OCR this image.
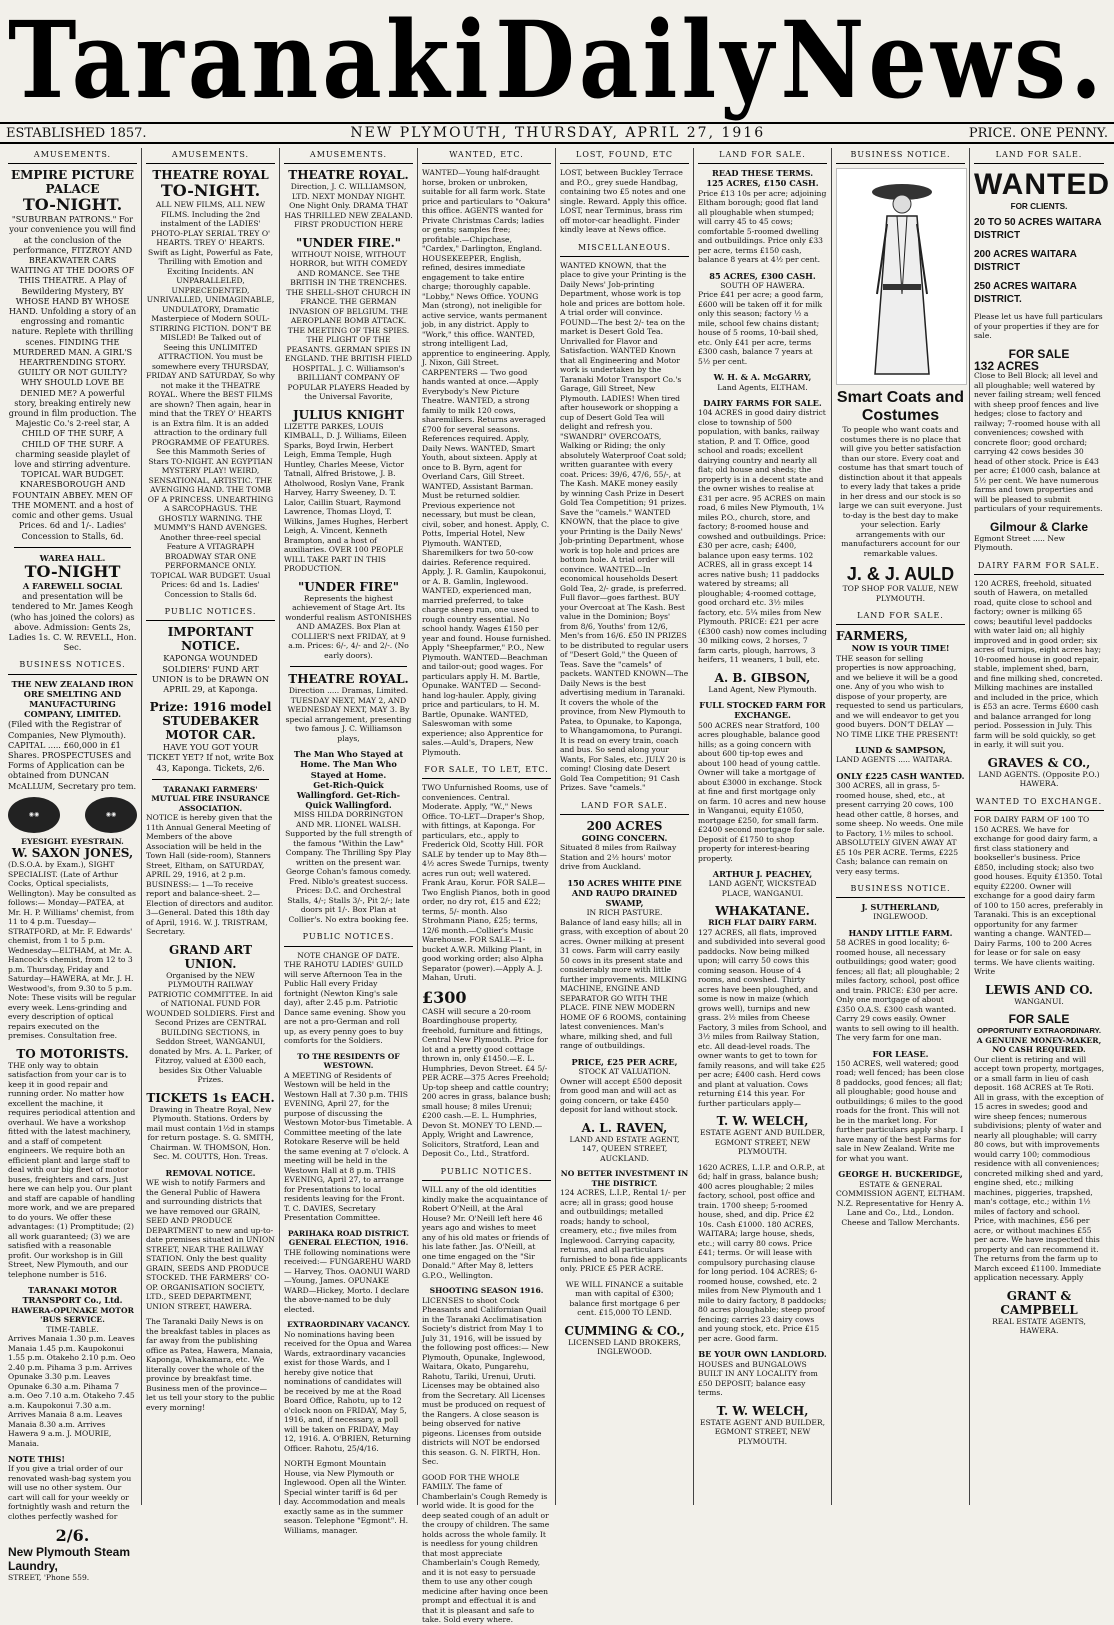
Taranaki Daily News.
ESTABLISHED 1857.	NEW PLYMOUTH, THURSDAY, APRIL 27, 1916	PRICE. ONE PENNY.
AMUSEMENTS.
EMPIRE PICTURE PALACE
TO-NIGHT.
"SUBURBAN PATRONS." For your convenience you will find at the conclusion of the performance, FITZROY AND BREAKWATER CARS WAITING AT THE DOORS OF THIS THEATRE. A Play of Bewildering Mystery, BY WHOSE HAND BY WHOSE HAND. Unfolding a story of an engrossing and romantic nature. Replete with thrilling scenes. FINDING THE MURDERED MAN. A GIRL'S HEARTRENDING STORY. GUILTY OR NOT GUILTY? WHY SHOULD LOVE BE DENIED ME? A powerful story, breaking entirely new ground in film production. The Majestic Co.'s 2-reel star, A CHILD OF THE SURF, A CHILD OF THE SURF. A charming seaside playlet of love and stirring adventure. TOPICAL WAR BUDGET. KNARESBOROUGH AND FOUNTAIN ABBEY. MEN OF THE MOMENT. and a host of comic and other gems. Usual Prices. 6d and 1/-. Ladies' Concession to Stalls, 6d.
WAREA HALL.
TO-NIGHT
A FAREWELL SOCIAL
and presentation will be tendered to Mr. James Keogh (who has joined the colors) as above. Admission: Gents 2s, Ladies 1s. C. W. REVELL, Hon. Sec.
BUSINESS NOTICES.
THE NEW ZEALAND IRON ORE SMELTING AND MANUFACTURING COMPANY, LIMITED.
(Filed with the Registrar of Companies, New Plymouth). CAPITAL ..... £60,000 in £1 Shares. PROSPECTUSES and Forms of Application can be obtained from DUNCAN McALLUM, Secretary pro tem.
◉◉	◉◉
EYESIGHT. EYESTRAIN.
W. SAXON JONES,
(D.S.O.A. by Exam.), SIGHT SPECIALIST. (Late of Arthur Cocks, Optical specialists, Wellington). May be consulted as follows:— Monday—PATEA, at Mr. H. P. Williams' chemist, from 11 to 4 p.m. Tuesday—STRATFORD, at Mr. F. Edwards' chemist, from 1 to 5 p.m. Wednesday—ELTHAM, at Mr. A. Hancock's chemist, from 12 to 3 p.m. Thursday, Friday and Saturday—HAWERA, at Mr. J. H. Westwood's, from 9.30 to 5 p.m. Note: These visits will be regular every week. Lens-grinding and every description of optical repairs executed on the premises. Consultation free.
TO MOTORISTS.
THE only way to obtain satisfaction from your car is to keep it in good repair and running order. No matter how excellent the machine, it requires periodical attention and overhaul. We have a workshop fitted with the latest machinery, and a staff of competent engineers. We require both an efficient plant and large staff to deal with our big fleet of motor buses, freighters and cars. Just here we can help you. Our plant and staff are capable of handling more work, and we are prepared to do yours. We offer these advantages: (1) Promptitude; (2) all work guaranteed; (3) we are satisfied with a reasonable profit. Our workshop is in Gill Street, New Plymouth, and our telephone number is 516.
TARANAKI MOTOR TRANSPORT Co., Ltd.
HAWERA-OPUNAKE MOTOR 'BUS SERVICE.
TIME-TABLE.
Arrives Manaia 1.30 p.m. Leaves Manaia 1.45 p.m. Kaupokonui 1.55 p.m. Otakeho 2.10 p.m. Oeo 2.40 p.m. Pihama 3 p.m. Arrives Opunake 3.30 p.m. Leaves Opunake 6.30 a.m. Pihama 7 a.m. Oeo 7.10 a.m. Otakeho 7.45 a.m. Kaupokonui 7.30 a.m. Arrives Manaia 8 a.m. Leaves Manaia 8.30 a.m. Arrives Hawera 9 a.m. J. MOURIE, Manaia.
NOTE THIS!
If you give a trial order of our renovated wash-bag system you will use no other system. Our cart will call for your weekly or fortnightly wash and return the clothes perfectly washed for
2/6.
New Plymouth Steam Laundry,
STREET, 'Phone 559.
AMUSEMENTS.
THEATRE ROYAL
TO-NIGHT.
ALL NEW FILMS, ALL NEW FILMS. Including the 2nd instalment of the LADIES' PHOTO-PLAY SERIAL TREY O' HEARTS. TREY O' HEARTS. Swift as Light, Powerful as Fate, Thrilling with Emotion and Exciting Incidents. AN UNPARALLELED, UNPRECEDENTED, UNRIVALLED, UNIMAGINABLE, UNDULATORY, Dramatic Masterpiece of Modern SOUL-STIRRING FICTION. DON'T BE MISLED! Be Talked out of Seeing this UNLIMITED ATTRACTION. You must be somewhere every THURSDAY, FRIDAY AND SATURDAY, So why not make it the THEATRE ROYAL. Where the BEST FILMS are shown? Then again, hear in mind that the TREY O' HEARTS is an Extra film. It is an added attraction to the ordinary full PROGRAMME OF FEATURES. See this Mammoth Series of Stars TO-NIGHT. AN EGYPTIAN MYSTERY PLAY! WEIRD, SENSATIONAL, ARTISTIC. THE AVENGING HAND. THE TOMB OF A PRINCESS. UNEARTHING A SARCOPHAGUS. THE GHOSTLY WARNING. THE MUMMY'S HAND AVENGES. Another three-reel special Feature A VITAGRAPH BROADWAY STAR ONE PERFORMANCE ONLY. TOPICAL WAR BUDGET. Usual Prices: 6d and 1s. Ladies' Concession to Stalls 6d.
PUBLIC NOTICES.
IMPORTANT NOTICE.
KAPONGA WOUNDED SOLDIERS' FUND ART UNION is to be DRAWN ON APRIL 29, at Kaponga.
Prize: 1916 model STUDEBAKER MOTOR CAR.
HAVE YOU GOT YOUR TICKET YET? If not, write Box 43, Kaponga. Tickets, 2/6.
TARANAKI FARMERS' MUTUAL FIRE INSURANCE ASSOCIATION.
NOTICE is hereby given that the 11th Annual General Meeting of Members of the above Association will be held in the Town Hall (side-room), Stanners Street, Eltham, on SATURDAY, APRIL 29, 1916, at 2 p.m. BUSINESS:— 1—To receive report and balance-sheet. 2—Election of directors and auditor. 3—General. Dated this 18th day of April, 1916. W. J. TRISTRAM, Secretary.
GRAND ART UNION.
Organised by the NEW PLYMOUTH RAILWAY PATRIOTIC COMMITTEE. In aid of NATIONAL FUND FOR WOUNDED SOLDIERS. First and Second Prizes are CENTRAL BUILDING SECTIONS, in Seddon Street, WANGANUI, donated by Mrs. A. L. Parker, of Fitzroy, valued at £300 each, besides Six Other Valuable Prizes.
TICKETS 1s EACH.
Drawing in Theatre Royal, New Plymouth. Stations. Orders by mail must contain 1½d in stamps for return postage. S. G. SMITH, Chairman. W. THOMSON, Hon. Sec. M. COUTTS, Hon. Treas.
REMOVAL NOTICE.
WE wish to notify Farmers and the General Public of Hawera and surrounding districts that we have removed our GRAIN, SEED AND PRODUCE DEPARTMENT to new and up-to-date premises situated in UNION STREET, NEAR THE RAILWAY STATION. Only the best quality GRAIN, SEEDS AND PRODUCE STOCKED. THE FARMERS' CO-OP. ORGANISATION SOCIETY, LTD., SEED DEPARTMENT, UNION STREET, HAWERA.
The Taranaki Daily News is on the breakfast tables in places as far away from the publishing office as Patea, Hawera, Manaia, Kaponga, Whakamara, etc. We literally cover the whole of the province by breakfast time. Business men of the province—let us tell your story to the public every morning!
AMUSEMENTS.
THEATRE ROYAL.
Direction, J. C. WILLIAMSON, LTD. NEXT MONDAY NIGHT. One Night Only. DRAMA THAT HAS THRILLED NEW ZEALAND. FIRST PRODUCTION HERE
"UNDER FIRE."
WITHOUT NOISE, WITHOUT HORROR, but WITH COMEDY AND ROMANCE. See THE BRITISH IN THE TRENCHES. THE SHELL-SHOT CHURCH IN FRANCE. THE GERMAN INVASION OF BELGIUM. THE AEROPLANE BOMB ATTACK. THE MEETING OF THE SPIES. THE PLIGHT OF THE PEASANTS. GERMAN SPIES IN ENGLAND. THE BRITISH FIELD HOSPITAL. J. C. Williamson's BRILLIANT COMPANY OF POPULAR PLAYERS Headed by the Universal Favorite,
JULIUS KNIGHT
LIZETTE PARKES, LOUIS KIMBALL, D. J. Williams, Eileen Sparks, Boyd Irwin, Herbert Leigh, Emma Temple, Hugh Huntley, Charles Meese, Victor Tatnall, Alfred Bristowe, J. B. Atholwood, Roslyn Vane, Frank Harvey, Harry Sweeney, D. T. Lalor, Caillin Stuart, Raymond Lawrence, Thomas Lloyd, T. Wilkins, James Hughes, Herbert Leigh, A. Vincent, Kenneth Brampton, and a host of auxiliaries. OVER 100 PEOPLE WILL TAKE PART IN THIS PRODUCTION.
"UNDER FIRE"
Represents the highest achievement of Stage Art. Its wonderful realism ASTONISHES AND AMAZES. Box Plan at COLLIER'S next FRIDAY, at 9 a.m. Prices: 6/-, 4/- and 2/-. (No early doors).
THEATRE ROYAL.
Direction ..... Dramas, Limited. TUESDAY NEXT, MAY 2, AND WEDNESDAY NEXT, MAY 3. By special arrangement, presenting two famous J. C. Williamson plays,
The Man Who Stayed at Home. The Man Who Stayed at Home.
Get-Rich-Quick Wallingford. Get-Rich-Quick Wallingford.
MISS HILDA DORRINGTON AND MR. LIONEL WALSH. Supported by the full strength of the famous "Within the Law" Company. The Thrilling Spy Play written on the present war. George Cohan's famous comedy. Fred. Niblo's greatest success. Prices: D.C. and Orchestral Stalls, 4/-; Stalls 3/-, Pit 2/-; late doors pit 1/-. Box Plan at Collier's. No extra booking fee.
PUBLIC NOTICES.
NOTE CHANGE OF DATE.
THE RAHOTU LADIES' GUILD will serve Afternoon Tea in the Public Hall every Friday fortnight (Newton King's sale day), after 2.45 p.m. Patriotic Dance same evening. Show you are not a pro-German and roll up, as every penny goes to buy comforts for the Soldiers.
TO THE RESIDENTS OF WESTOWN.
A MEETING of Residents of Westown will be held in the Westown Hall at 7.30 p.m. THIS EVENING, April 27, for the purpose of discussing the Westown Motor-bus Timetable. A Committee meeting of the late Rotokare Reserve will be held the same evening at 7 o'clock. A meeting will be held in the Westown Hall at 8 p.m. THIS EVENING, April 27, to arrange for Presentations to local residents leaving for the Front. T. C. DAVIES, Secretary Presentation Committee.
PARIHAKA ROAD DISTRICT. GENERAL ELECTION, 1916.
THE following nominations were received:— FUNGAREHU WARD — Harvey, Thos. OAONUI WARD—Young, James. OPUNAKE WARD—Hickey, Morto. I declare the above-named to be duly elected.
EXTRAORDINARY VACANCY.
No nominations having been received for the Opua and Warea Wards, extraordinary vacancies exist for those Wards, and I hereby give notice that nominations of candidates will be received by me at the Road Board Office, Rahotu, up to 12 o'clock noon on FRIDAY, May 5, 1916, and, if necessary, a poll will be taken on FRIDAY, May 12, 1916. A. O'BRIEN, Returning Officer. Rahotu, 25/4/16.
NORTH Egmont Mountain House, via New Plymouth or Inglewood. Open all the Winter. Special winter tariff is 6d per day. Accommodation and meals exactly same as in the summer season. Telephone "Egmont". H. Williams, manager.
WANTED, ETC.
WANTED—Young half-draught horse, broken or unbroken, suitable for all farm work. State price and particulars to "Oakura" this office. AGENTS wanted for Private Christmas Cards; ladies or gents; samples free; profitable.—Chipchase, "Cardex," Darlington, England. HOUSEKEEPER, English, refined, desires immediate engagement to take entire charge; thoroughly capable. "Lobby," News Office. YOUNG Man (strong), not ineligible for active service, wants permanent job, in any district. Apply to "Work," this office. WANTED, strong intelligent Lad, apprentice to engineering. Apply, J. Nixon, Gill Street. CARPENTERS — Two good hands wanted at once.—Apply Everybody's New Picture Theatre. WANTED, a strong family to milk 120 cows, sharemilkers. Returns averaged £700 for several seasons. References required. Apply, Daily News. WANTED, Smart Youth, about sixteen. Apply at once to B. Byrn, agent for Overland Cars, Gill Street. WANTED, Assistant Barman. Must be returned soldier. Previous experience not necessary, but must be clean, civil, sober, and honest. Apply, C. Potts, Imperial Hotel, New Plymouth. WANTED, Sharemilkers for two 50-cow dairies. Reference required. Apply, J. R. Gamlin, Kaupokonui, or A. B. Gamlin, Inglewood. WANTED, experienced man, married preferred, to take charge sheep run, one used to rough country essential. No school handy. Wages £150 per year and found. House furnished. Apply "Sheepfarmer," P.O., New Plymouth. WANTED—Beachman and tailor-out; good wages. For particulars apply H. M. Bartle, Opunake. WANTED — Second-hand log-hauler. Apply, giving price and particulars, to H. M. Bartle, Opunake. WANTED, Saleswoman with some experience; also Apprentice for sales.—Auld's, Drapers, New Plymouth.
FOR SALE, TO LET, ETC.
TWO Unfurnished Rooms, use of conveniences. Central. Moderate. Apply, "W.," News Office. TO-LET—Draper's Shop, with fittings, at Kaponga. For particulars, etc., apply to Frederick Old, Scotty Hill. FOR SALE by tender up to May 8th—4½ acres Swede Turnips, twenty acres run out; well watered. Frank Arau, Korur. FOR SALE—Two English Pianos, both in good order, no dry rot, £15 and £22; terms, 5/- month. Also Strohmann Piano, £25; terms, 12/6 month.—Collier's Music Warehouse. FOR SALE—1-bucket A.W.R. Milking Plant, in good working order; also Alpha Separator (power).—Apply A. J. Mahan, Uruti.
£300
CASH will secure a 20-room Boardinghouse property, freehold, furniture and fittings, Central New Plymouth. Price for lot and a pretty good cottage thrown in, only £1450.—E. L. Humphries, Devon Street. £4 5/- PER ACRE—375 Acres Freehold; Up-top sheep and cattle country; 200 acres in grass, balance bush; small house; 8 miles Urenui; £200 cash.—E. L. Humphries, Devon St. MONEY TO LEND.—Apply, Wright and Lawrence, Solicitors, Stratford, Lean and Deposit Co., Ltd., Stratford.
PUBLIC NOTICES.
WILL any of the old identities kindly make the acquaintance of Robert O'Neill, at the Aral House? Mr. O'Neill left here 46 years ago and wishes to meet any of his old mates or friends of his late father. Jas. O'Neill, at one time engaged on the "Sir Donald." After May 8, letters G.P.O., Wellington.
SHOOTING SEASON 1916.
LICENSES to shoot Cock Pheasants and Californian Quail in the Taranaki Acclimatisation Society's district from May 1 to July 31, 1916, will be issued by the following post offices:— New Plymouth, Opunake, Inglewood, Waitara, Okato, Pungarehu, Rahotu, Tariki, Urenui, Uruti. Licenses may be obtained also from the Secretary. All Licenses must be produced on request of the Rangers. A close season is being observed for native pigeons. Licenses from outside districts will NOT be endorsed this season. G. N. FIRTH, Hon. Sec.
GOOD FOR THE WHOLE FAMILY. The fame of Chamberlain's Cough Remedy is world wide. It is good for the deep seated cough of an adult or the croupy of children. The same holds across the whole family. It is needless for young children that most appreciate Chamberlain's Cough Remedy, and it is not easy to persuade them to use any other cough medicine after having once been prompt and effectual it is and that it is pleasant and safe to take. Sold every where.
LOST, FOUND, ETC
LOST, between Buckley Terrace and P.O., grey suede Handbag, containing two £5 notes and one single. Reward. Apply this office. LOST, near Terminus, brass rim off motor-car headlight. Finder kindly leave at News office.
MISCELLANEOUS.
WANTED KNOWN, that the place to give your Printing is the Daily News' Job-printing Department, whose work is top hole and prices are bottom hole. A trial order will convince. FOUND—The best 2/- tea on the market is Desert Gold Tea. Unrivalled for Flavor and Satisfaction. WANTED Known that all Engineering and Motor work is undertaken by the Taranaki Motor Transport Co.'s Garage, Gill Street, New Plymouth. LADIES! When tired after housework or shopping a cup of Desert Gold Tea will delight and refresh you. "SWANDRI" OVERCOATS, Walking or Riding; the only absolutely Waterproof Coat sold; written guarantee with every coat. Prices: 39/6, 47/6, 55/-, at The Kash. MAKE money easily by winning Cash Prize in Desert Gold Tea Competition; 91 prizes. Save the "camels." WANTED KNOWN, that the place to give your Printing is the Daily News' Job-printing Department, whose work is top hole and prices are bottom hole. A trial order will convince. WANTED—In economical households Desert Gold Tea, 2/- grade, is preferred. Full flavor—goes farthest. BUY your Overcoat at The Kash. Best value in the Dominion; Boys' from 8/6, Youths' from 12/6, Men's from 16/6. £50 IN PRIZES to be distributed to regular users of "Desert Gold," the Queen of Teas. Save the "camels" of packets. WANTED KNOWN—The Daily News is the best advertising medium in Taranaki. It covers the whole of the province, from New Plymouth to Patea, to Opunake, to Kaponga, to Whangamomona, to Purangi. It is read on every train, coach and bus. So send along your Wants, For Sales, etc. JULY 20 is coming! Closing date Desert Gold Tea Competition; 91 Cash Prizes. Save "camels."
LAND FOR SALE.
200 ACRES
GOING CONCERN.
Situated 8 miles from Railway Station and 2½ hours' motor drive from Auckland.
150 ACRES WHITE PINE AND RAUPO DRAINED SWAMP,
IN RICH PASTURE.
Balance of land easy hills; all in grass, with exception of about 20 acres. Owner milking at present 31 cows. Farm will carry easily 50 cows in its present state and considerably more with little further improvements. MILKING MACHINE, ENGINE AND SEPARATOR GO WITH THE PLACE. FINE NEW MODERN HOME OF 6 ROOMS, containing latest conveniences. Man's whare, milking shed, and full range of outbuildings.
PRICE, £25 PER ACRE,
STOCK AT VALUATION.
Owner will accept £500 deposit from good man and will act as going concern, or take £450 deposit for land without stock.
A. L. RAVEN,
LAND AND ESTATE AGENT, 147, QUEEN STREET, AUCKLAND.
NO BETTER INVESTMENT IN THE DISTRICT.
124 ACRES, L.I.P., Rental 1/- per acre; all in grass; good house and outbuildings; metalled roads; handy to school, creamery, etc.; five miles from Inglewood. Carrying capacity, returns, and all particulars furnished to bona fide applicants only. PRICE £5 PER ACRE.
WE WILL FINANCE a suitable man with capital of £300; balance first mortgage 6 per cent. £15,000 TO LEND.
CUMMING & CO.,
LICENSED LAND BROKERS, INGLEWOOD.
LAND FOR SALE.
READ THESE TERMS.
125 ACRES, £150 CASH.
Price £13 10s per acre; adjoining Eltham borough; good flat land all ploughable when stumped; will carry 45 to 45 cows; comfortable 5-roomed dwelling and outbuildings. Price only £33 per acre, terms £150 cash, balance 8 years at 4½ per cent.
85 ACRES, £300 CASH.
SOUTH OF HAWERA.
Price £41 per acre; a good farm, £600 will be taken off it for milk only this season; factory ½ a mile, school few chains distant; house of 5 rooms, 10-bail shed, etc. Only £41 per acre, terms £300 cash, balance 7 years at 5½ per cent.
W. H. & A. McGARRY,
Land Agents, ELTHAM.
DAIRY FARMS FOR SALE.
104 ACRES in good dairy district close to township of 500 population, with banks, railway station, P. and T. Office, good school and roads; excellent dairying country and nearly all flat; old house and sheds; the property is in a decent state and the owner wishes to realise at £31 per acre. 95 ACRES on main road, 6 miles New Plymouth, 1¼ miles P.O., church, store, and factory; 8-roomed house and cowshed and outbuildings. Price: £30 per acre, cash; £400, balance upon easy terms. 102 ACRES, all in grass except 14 acres native bush; 11 paddocks watered by streams; all ploughable; 4-roomed cottage, good orchard etc. 3½ miles factory, etc. 5¼ miles from New Plymouth. PRICE: £21 per acre (£300 cash) now comes including 30 milking cows, 2 horses, 7 farm carts, plough, harrows, 3 heifers, 11 weaners, 1 bull, etc.
A. B. GIBSON,
Land Agent, New Plymouth.
FULL STOCKED FARM FOR EXCHANGE.
500 ACRES near Stratford, 100 acres ploughable, balance good hills; as a going concern with about 600 tip-top ewes and about 100 head of young cattle. Owner will take a mortgage of about £3000 in exchange. Stock at fine and first mortgage only on farm. 10 acres and new house in Wanganui, equity £1050, mortgage £250, for small farm. £2400 second mortgage for sale. Deposit of £1750 to shop property for interest-bearing property.
ARTHUR J. PEACHEY,
LAND AGENT, WICKSTEAD PLACE, WANGANUI.
WHAKATANE.
RICH FLAT DAIRY FARM.
127 ACRES, all flats, improved and subdivided into several good paddocks. Now being milked upon; will carry 50 cows this coming season. House of 4 rooms, and cowshed. Thirty acres have been ploughed, and some is now in maize (which grows well), turnips and new grass. 2½ miles from Cheese Factory, 3 miles from School, and 3½ miles from Railway Station, etc. All dead-level roads. The owner wants to get to town for family reasons, and will take £25 per acre; £400 cash. Herd cows and plant at valuation. Cows returning £14 this year. For further particulars apply—
T. W. WELCH,
ESTATE AGENT AND BUILDER, EGMONT STREET, NEW PLYMOUTH.
1620 ACRES, L.I.P. and O.R.P., at 6d; half in grass, balance bush; 400 acres ploughable; 2 miles factory, school, post office and train. 1700 sheep; 5-roomed house, shed, and dip. Price £2 10s. Cash £1000. 180 ACRES, WAITARA; large house, sheds, etc.; will carry 80 cows. Price £41; terms. Or will lease with compulsory purchasing clause for long period. 104 ACRES; 6-roomed house, cowshed, etc. 2 miles from New Plymouth and 1 mile to dairy factory, 8 paddocks; 80 acres ploughable; steep proof fencing; carries 23 dairy cows and young stock, etc. Price £15 per acre. Good farm.
BE YOUR OWN LANDLORD.
HOUSES and BUNGALOWS BUILT IN ANY LOCALITY from £50 DEPOSIT; balance easy terms.
T. W. WELCH,
ESTATE AGENT AND BUILDER, EGMONT STREET, NEW PLYMOUTH.
BUSINESS NOTICE.
Smart Coats and Costumes
To people who want coats and costumes there is no place that will give you better satisfaction than our store. Every coat and costume has that smart touch of distinction about it that appeals to every lady that takes a pride in her dress and our stock is so large we can suit everyone. Just to-day is the best day to make your selection. Early arrangements with our manufacturers account for our remarkable values.
J. & J. AULD
TOP SHOP FOR VALUE, NEW PLYMOUTH.
LAND FOR SALE.
FARMERS,
NOW IS YOUR TIME!
THE season for selling properties is now approaching, and we believe it will be a good one. Any of you who wish to dispose of your property, are requested to send us particulars, and we will endeavor to get you good buyers. DON'T DELAY — NO TIME LIKE THE PRESENT!
LUND & SAMPSON,
LAND AGENTS ..... WAITARA.
ONLY £225 CASH WANTED.
300 ACRES, all in grass, 5-roomed house, shed, etc., at present carrying 20 cows, 100 head other cattle, 8 horses, and some sheep. No weeds. One mile to Factory, 1½ miles to school. ABSOLUTELY GIVEN AWAY AT £5 10s PER ACRE. Terms, £225 Cash; balance can remain on very easy terms.
BUSINESS NOTICE.
J. SUTHERLAND,
INGLEWOOD.
HANDY LITTLE FARM.
58 ACRES in good locality; 6-roomed house, all necessary outbuildings; good water; good fences; all flat; all ploughable; 2 miles factory, school, post office and train. PRICE: £30 per acre. Only one mortgage of about £350 O.A.S. £300 cash wanted. Carry 29 cows easily. Owner wants to sell owing to ill health. The very farm for one man.
FOR LEASE.
150 ACRES, well watered; good road; well fenced; has been close 8 paddocks, good fences; all flat; all ploughable; good house and outbuildings; 6 miles to the good roads for the front. This will not be in the market long. For further particulars apply sharp. I have many of the best Farms for sale in New Zealand. Write me for what you want.
GEORGE H. BUCKERIDGE,
ESTATE & GENERAL COMMISSION AGENT, ELTHAM. N.Z. Representative for Henry A. Lane and Co., Ltd., London. Cheese and Tallow Merchants.
LAND FOR SALE.
WANTED
FOR CLIENTS.
20 TO 50 ACRES WAITARA DISTRICT
200 ACRES WAITARA DISTRICT
250 ACRES WAITARA DISTRICT.
Please let us have full particulars of your properties if they are for sale.
FOR SALE
132 ACRES
Close to Bell Block; all level and all ploughable; well watered by never failing stream; well fenced with sheep proof fences and live hedges; close to factory and railway; 7-roomed house with all conveniences; cowshed with concrete floor; good orchard; carrying 42 cows besides 30 head of other stock. Price is £43 per acre; £1000 cash, balance at 5½ per cent. We have numerous farms and town properties and will be pleased to submit particulars of your requirements.
Gilmour & Clarke
Egmont Street ..... New Plymouth.
DAIRY FARM FOR SALE.
120 ACRES, freehold, situated south of Hawera, on metalled road, quite close to school and factory; owner is milking 65 cows; beautiful level paddocks with water laid on; all highly improved and in good order; six acres of turnips, eight acres hay; 10-roomed house in good repair, stable, implement shed, barn, and fine milking shed, concreted. Milking machines are installed and included in the price, which is £53 an acre. Terms £600 cash and balance arranged for long period. Possession in July. This farm will be sold quickly, so get in early, it will suit you.
GRAVES & CO.,
LAND AGENTS. (Opposite P.O.) HAWERA.
WANTED TO EXCHANGE.
FOR DAIRY FARM OF 100 TO 150 ACRES. We have for exchange for good dairy farm, a first class stationery and bookseller's business. Price £850, including stock; also two good houses. Equity £1350. Total equity £2200. Owner will exchange for a good dairy farm of 100 to 150 acres, preferably in Taranaki. This is an exceptional opportunity for any farmer wanting a change. WANTED—Dairy Farms, 100 to 200 Acres for lease or for sale on easy terms. We have clients waiting. Write
LEWIS AND CO.
WANGANUI.
FOR SALE
OPPORTUNITY EXTRAORDINARY.
A GENUINE MONEY-MAKER,
NO CASH REQUIRED.
Our client is retiring and will accept town property, mortgages, or a small farm in lieu of cash deposit. 168 ACRES at Te Roti. All in grass, with the exception of 15 acres in swedes; good and wire sheep fences; numerous subdivisions; plenty of water and nearly all ploughable; will carry 80 cows, but with improvements would carry 100; commodious residence with all conveniences; concreted milking shed and yard, engine shed, etc.; milking machines, piggeries, trapshed, man's cottage, etc.; within 1½ miles of factory and school. Price, with machines, £56 per acre, or without machines £55 per acre. We have inspected this property and can recommend it. The returns from the farm up to March exceed £1100. Immediate application necessary. Apply
GRANT & CAMPBELL
REAL ESTATE AGENTS, HAWERA.
